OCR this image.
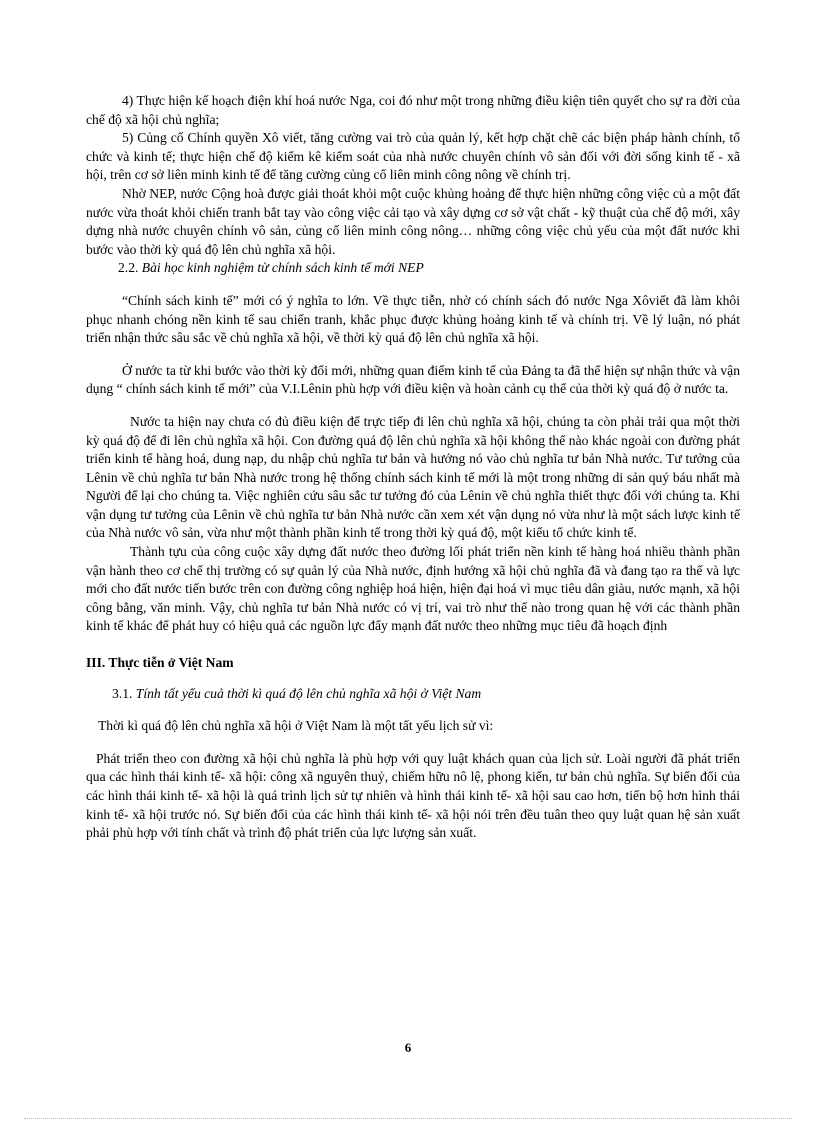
4) Thực hiện kế hoạch điện khí hoá nước Nga, coi đó như một trong những điều kiện tiên quyết cho sự ra đời của chế độ xã hội chủ nghĩa;

5) Củng cố Chính quyền Xô viết, tăng cường vai trò của quản lý, kết hợp chặt chẽ các biện pháp hành chính, tổ chức và kinh tế; thực hiện chế độ kiểm kê kiểm soát của nhà nước chuyên chính vô sản đối với đời sống kinh tế - xã hội, trên cơ sở liên minh kinh tế để tăng cường củng cố liên minh công nông về chính trị.

Nhờ NEP, nước Cộng hoà được giải thoát khỏi một cuộc khủng hoảng để thực hiện những công việc củ a một đất nước vừa thoát khỏi chiến tranh bắt tay vào công việc cải tạo và xây dựng cơ sở vật chất - kỹ thuật của chế độ mới, xây dựng nhà nước chuyên chính vô sản, củng cố liên minh công nông… những công việc chủ yếu của một đất nước khi bước vào thời kỳ quá độ lên chủ nghĩa xã hội.

2.2. Bài học kinh nghiệm từ chính sách kinh tế mới NEP

“Chính sách kinh tế” mới có ý nghĩa to lớn. Về thực tiễn, nhờ có chính sách đó nước Nga Xôviết đã làm khôi phục nhanh chóng nền kinh tế sau chiến tranh, khắc phục được khủng hoảng kinh tế và chính trị. Về lý luận, nó phát triển nhận thức sâu sắc về chủ nghĩa xã hội, về thời kỳ quá độ lên chủ nghĩa xã hội.

Ở nước ta từ khi bước vào thời kỳ đổi mới, những quan điểm kinh tế của Đảng ta đã thể hiện sự nhận thức và vận dụng “ chính sách kinh tế mới” của V.I.Lênin phù hợp với điều kiện và hoàn cảnh cụ thể của thời kỳ quá độ ở nước ta.

Nước ta hiện nay chưa có đủ điều kiện để trực tiếp đi lên chủ nghĩa xã hội, chúng ta còn phải trải qua một thời kỳ quá độ để đi lên chủ nghĩa xã hội. Con đường quá độ lên chủ nghĩa xã hội không thể nào khác ngoài con đường phát triển kinh tế hàng hoá, dung nạp, du nhập chủ nghĩa tư bản và hướng nó vào chủ nghĩa tư bản Nhà nước. Tư tưởng của Lênin về chủ nghĩa tư bản Nhà nước trong hệ thống chính sách kinh tế mới là một trong những di sản quý báu nhất mà Người để lại cho chúng ta. Việc nghiên cứu sâu sắc tư tưởng đó của Lênin về chủ nghĩa thiết thực đối với chúng ta. Khi vận dụng tư tưởng của Lênin về chủ nghĩa tư bản Nhà nước cần xem xét vận dụng nó vừa như là một sách lược kinh tế của Nhà nước vô sản, vừa như một thành phần kinh tế trong thời kỳ quá độ, một kiểu tổ chức kinh tế.

Thành tựu của công cuộc xây dựng đất nước theo đường lối phát triển nền kinh tế hàng hoá nhiều thành phần vận hành theo cơ chế thị trường có sự quản lý của Nhà nước, định hướng xã hội chủ nghĩa đã và đang tạo ra thế và lực mới cho đất nước tiến bước trên con đường công nghiệp hoá hiện, hiện đại hoá vì mục tiêu dân giàu, nước mạnh, xã hội công bằng, văn minh. Vậy, chủ nghĩa tư bản Nhà nước có vị trí, vai trò như thế nào trong quan hệ với các thành phần kinh tế khác để phát huy có hiệu quả các nguồn lực đẩy mạnh đất nước theo những mục tiêu đã hoạch định

III. Thực tiễn ở Việt Nam

3.1. Tính tất yếu cuả thời kì quá độ lên chủ nghĩa xã hội ở Việt Nam

Thời kì quá độ lên chủ nghĩa xã hội ở Việt Nam là một tất yếu lịch sử vì:

Phát triển theo con đường xã hội chủ nghĩa là phù hợp với quy luật khách quan của lịch sử. Loài người đã phát triển qua các hình thái kinh tế- xã hội: công xã nguyên thuỷ, chiếm hữu nô lệ, phong kiến, tư bản chủ nghĩa. Sự biến đổi của các hình thái kinh tế- xã hội là quá trình lịch sử tự nhiên và hình thái kinh tế- xã hội sau cao hơn, tiến bộ hơn hình thái kinh tế- xã hội trước nó. Sự biến đổi của các hình thái kinh tế- xã hội nói trên đều tuân theo quy luật quan hệ sản xuất phải phù hợp với tính chất và trình độ phát triển của lực lượng sản xuất.

6
